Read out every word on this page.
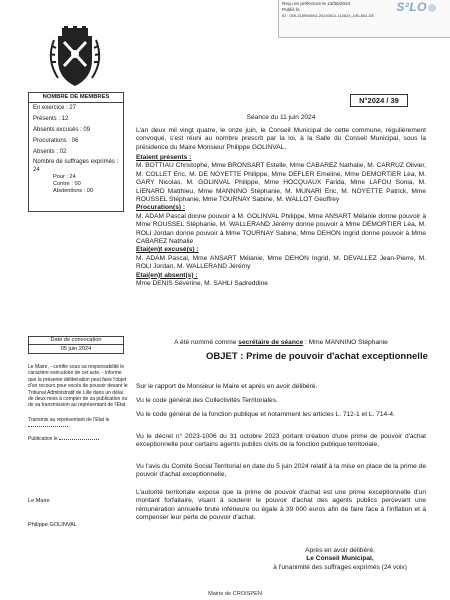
Reçu en préfecture le 13/06/2024
Publié le
ID : 059-215906004-20240611-110624_DEL802-DE
S²LO
N°2024 / 39
NOMBRE DE MEMBRES
En exercice : 27
Présents : 12
Absents excusés : 09
Procurations : 06
Absents : 02
Nombre de suffrages exprimés : 24
Pour : 24
Contre : 00
Abstentions : 00
Séance du 11 juin 2024
L'an deux mil vingt quatre, le onze juin, le Conseil Municipal de cette commune, régulièrement convoqué, s'est réuni au nombre prescrit par la loi, à la Salle du Conseil Municipal, sous la présidence du Maire Monsieur Philippe GOLINVAL.
Etaient présents :
M. BOTTIAU Christophe, Mme BRONSART Estelle, Mme CABAREZ Nathalie, M. CARRUZ Olivier, M. COLLET Eric, M. DE NOYETTE Philippe, Mme DEFLER Emeline, Mme DEMORTIER Léa, M. GARY Nicolas, M. GOLINVAL Philippe, Mme HOCQUAUX Farida, Mme LAFOU Sonia, M. LIENARD Matthieu, Mme MANNINO Stéphanie, M. MUNARI Eric, M. NOYETTE Patrick, Mme ROUSSEL Stéphanie, Mme TOURNAY Sabine, M. WALLOT Geoffrey
Procuration(s) :
M. ADAM Pascal donne pouvoir à M. GOLINVAL Philippe, Mme ANSART Mélanie donne pouvoir à Mme ROUSSEL Stéphanie, M. WALLERAND Jérémy donne pouvoir à Mme DEMORTIER Léa, M. ROLI Jordan donne pouvoir à Mme TOURNAY Sabine, Mme DEHON Ingrid donne pouvoir à Mme CABAREZ Nathalie
Etai(en)t excusé(s) :
M. ADAM Pascal, Mme ANSART Mélanie, Mme DEHON Ingrid, M. DEVALLEZ Jean-Pierre, M. ROLI Jordan, M. WALLERAND Jérémy
Etai(en)t absent(s) :
Mme DENIS Séverine, M. SAHLI Sadreddine
A été nommé comme secrétaire de séance : Mme MANNINO Stéphanie
OBJET : Prime de pouvoir d'achat exceptionnelle
Date de convocation
05 juin 2024
Le Maire, - certifie sous sa responsabilité le caractère exécutoire de cet acte, - informe que la présente délibération peut faire l'objet d'un recours pour excès de pouvoir devant le Tribunal Administratif de Lille dans un délai de deux mois à compter de sa publication ou de sa transmission au représentant de l'Etat.
Transmis au représentant de l'Etat le
Publication le
Le Maire
Philippe GOLINVAL
Sur le rapport de Monsieur le Maire et après en avoir délibéré.
Vu le code général des Collectivités Territoriales.
Vu le code général de la fonction publique et notamment les articles L. 712-1 et L. 714-4.
Vu le décret n° 2023-1006 du 31 octobre 2023 portant création d'une prime de pouvoir d'achat exceptionnelle pour certains agents publics civils de la fonction publique territoriale,
Vu l'avis du Comité Social Territorial en date du 5 juin 2024 relatif à la mise en place de la prime de pouvoir d'achat exceptionnelle,
L'autorité territoriale expose que la prime de pouvoir d'achat est une prime exceptionnelle d'un montant forfaitaire, visant à soutenir le pouvoir d'achat des agents publics percevant une rémunération annuelle brute inférieure ou égale à 39 000 euros afin de faire face à l'inflation et à compenser leur perte de pouvoir d'achat.
Après en avoir délibéré,
Le Conseil Municipal,
à l'unanimité des suffrages exprimés (24 voix)
Mairie de CROISPEN
